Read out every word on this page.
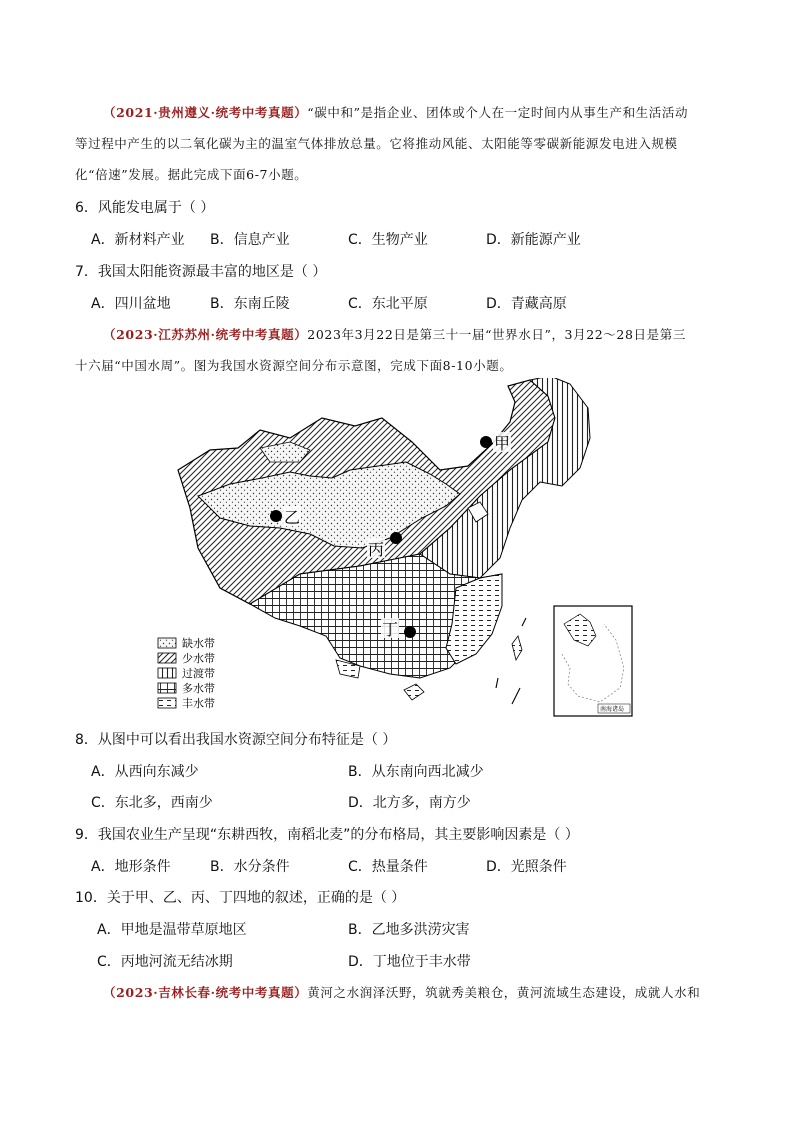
（2021·贵州遵义·统考中考真题）“碳中和”是指企业、团体或个人在一定时间内从事生产和生活活动
等过程中产生的以二氧化碳为主的温室气体排放总量。它将推动风能、太阳能等零碳新能源发电进入规模
化“倍速”发展。据此完成下面6-7小题。
6．风能发电属于（ ）
A．新材料产业 B．信息产业	C．生物产业	D．新能源产业
7．我国太阳能资源最丰富的地区是（ ）
A．四川盆地	B．东南丘陵	C．东北平原	D．青藏高原
（2023·江苏苏州·统考中考真题）2023年3月22日是第三十一届“世界水日”，3月22～28日是第三
十六届“中国水周”。图为我国水资源空间分布示意图，完成下面8-10小题。
甲
乙
丙
丁
缺水带
少水带
过渡带
多水带
丰水带	南海诸岛
8．从图中可以看出我国水资源空间分布特征是（ ）
A．从西向东减少	B．从东南向西北减少
C．东北多，西南少	D．北方多，南方少
9．我国农业生产呈现“东耕西牧，南稻北麦”的分布格局，其主要影响因素是（ ）
A．地形条件	B．水分条件	C．热量条件	D．光照条件
10．关于甲、乙、丙、丁四地的叙述，正确的是（ ）
A．甲地是温带草原地区	B．乙地多洪涝灾害
C．丙地河流无结冰期	D．丁地位于丰水带
（2023·吉林长春·统考中考真题）黄河之水润泽沃野，筑就秀美粮仓，黄河流域生态建设，成就人水和
